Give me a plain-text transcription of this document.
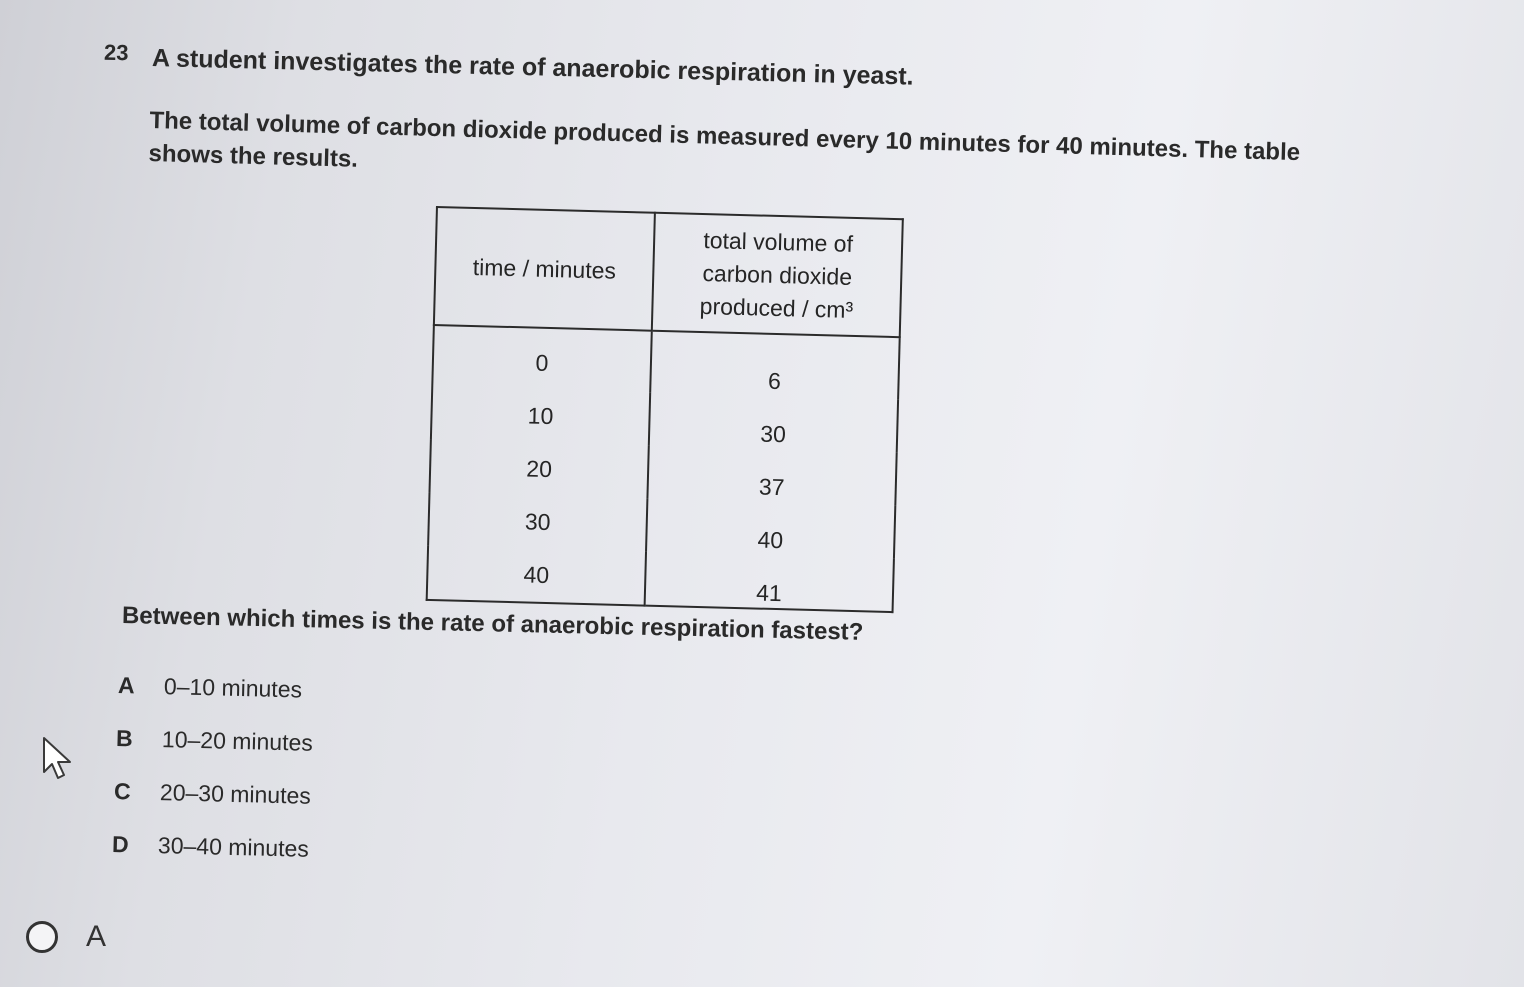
23 A student investigates the rate of anaerobic respiration in yeast.
The total volume of carbon dioxide produced is measured every 10 minutes for 40 minutes. The table shows the results.
time / minutes	total volume of carbon dioxide produced / cm³
0	6
10	30
20	37
30	40
40	41
Between which times is the rate of anaerobic respiration fastest?
A 0–10 minutes
B 10–20 minutes
C 20–30 minutes
D 30–40 minutes
A
